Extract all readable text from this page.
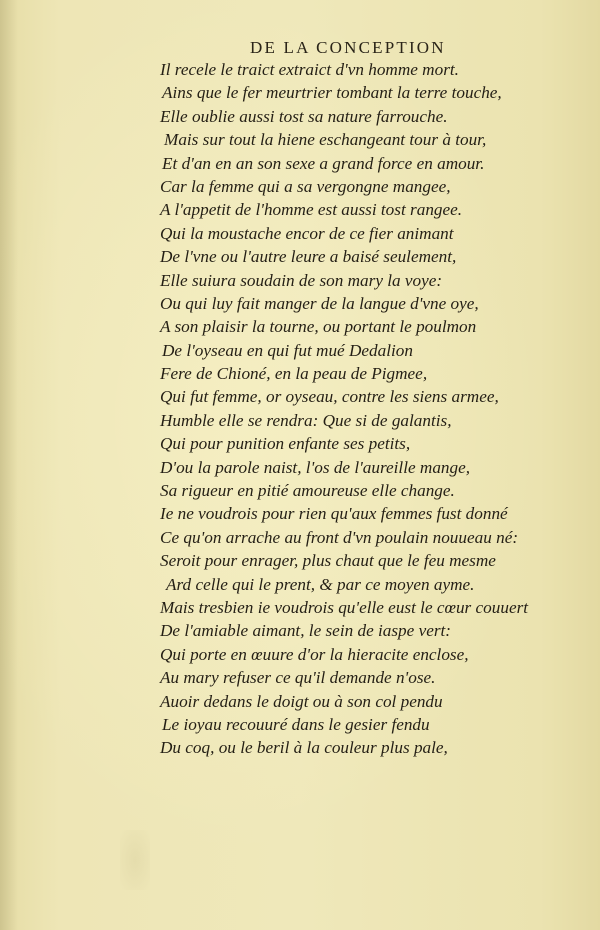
DE LA CONCEPTION
Il recele le traict extraict d'vn homme mort.
Ains que le fer meurtrier tombant la terre touche,
Elle oublie aussi tost sa nature farrouche.
Mais sur tout la hiene eschangeant tour à tour,
Et d'an en an son sexe a grand force en amour.
Car la femme qui a sa vergongne mangee,
A l'appetit de l'homme est aussi tost rangee.
Qui la moustache encor de ce fier animant
De l'vne ou l'autre leure a baisé seulement,
Elle suiura soudain de son mary la voye:
Ou qui luy fait manger de la langue d'vne oye,
A son plaisir la tourne, ou portant le poulmon
De l'oyseau en qui fut mué Dedalion
Fere de Chioné, en la peau de Pigmee,
Qui fut femme, or oyseau, contre les siens armee,
Humble elle se rendra: Que si de galantis,
Qui pour punition enfante ses petits,
D'ou la parole naist, l'os de l'aureille mange,
Sa rigueur en pitié amoureuse elle change.
Ie ne voudrois pour rien qu'aux femmes fust donné
Ce qu'on arrache au front d'vn poulain nouueau né:
Seroit pour enrager, plus chaut que le feu mesme
Ard celle qui le prent, & par ce moyen ayme.
Mais tresbien ie voudrois qu'elle eust le cœur couuert
De l'amiable aimant, le sein de iaspe vert:
Qui porte en œuure d'or la hieracite enclose,
Au mary refuser ce qu'il demande n'ose.
Auoir dedans le doigt ou à son col pendu
Le ioyau recouuré dans le gesier fendu
Du coq, ou le beril à la couleur plus pale,
